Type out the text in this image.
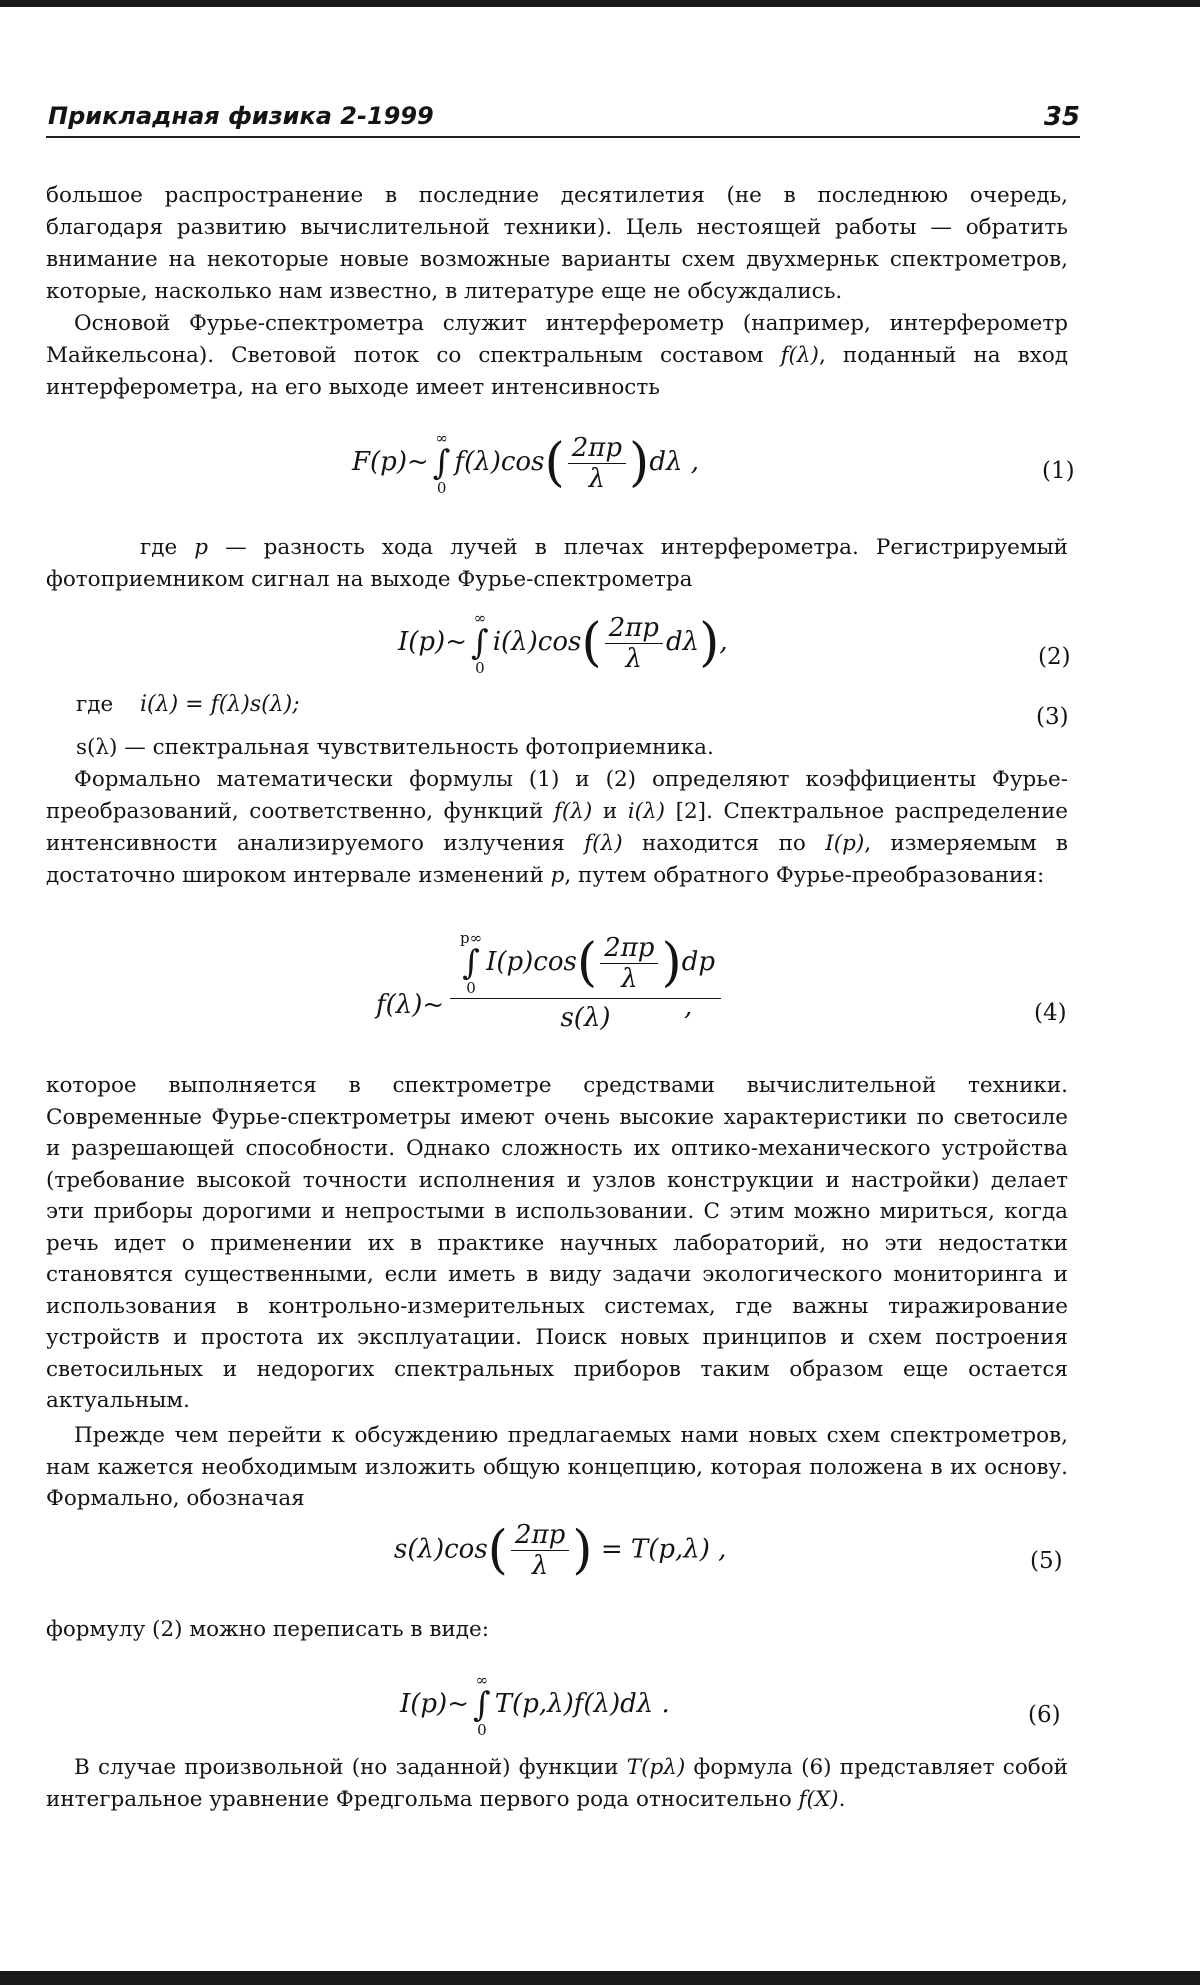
Прикладная физика 2-1999	35

большое распространение в последние десятилетия (не в последнюю очередь, благодаря развитию вычислительной техники). Цель нестоящей работы — обратить внимание на некоторые новые возможные варианты схем двухмерньк спектрометров, которые, насколько нам известно, в литературе еще не обсуждались.

Основой Фурье-спектрометра служит интерферометр (например, интерферометр Майкельсона). Световой поток со спектральным составом f(λ), поданный на вход интерферометра, на его выходе имеет интенсивность

F(p)~
∞
∫
0
$f(\lambda)\cos( \frac{2\pi p}{\lambda} )d\lambda$ ,	(1)

где p — разность хода лучей в плечах интерферометра. Регистрируемый фотоприемником сигнал на выходе Фурье-спектрометра

I(p)~
∞
∫
0
$i(\lambda)\cos( \frac{2\pi p}{\lambda} d\lambda)$,	(2)
где i(λ) = f(λ)s(λ);	(3)

s(λ) — спектральная чувствительность фотоприемника.

Формально математически формулы (1) и (2) определяют коэффициенты Фурье-преобразований, соответственно, функций f(λ) и i(λ) [2]. Спектральное распределение интенсивности анализируемого излучения f(λ) находится по I(p), измеряемым в достаточно широком интервале изменений p, путем обратного Фурье-преобразования:

f(λ)~
p∞
∫
0
$I(p)\cos( \frac{2\pi p}{\lambda} )dp$
s(λ)	,	(4)

которое выполняется в спектрометре средствами вычислительной техники. Современные Фурье-спектрометры имеют очень высокие характеристики по светосиле и разрешающей способности. Однако сложность их оптико-механического устройства (требование высокой точности исполнения и узлов конструкции и настройки) делает эти приборы дорогими и непростыми в использовании. С этим можно мириться, когда речь идет о применении их в практике научных лабораторий, но эти недостатки становятся существенными, если иметь в виду задачи экологического мониторинга и использования в контрольно-измерительных системах, где важны тиражирование устройств и простота их эксплуатации. Поиск новых принципов и схем построения светосильных и недорогих спектральных приборов таким образом еще остается актуальным.

Прежде чем перейти к обсуждению предлагаемых нами новых схем спектрометров, нам кажется необходимым изложить общую концепцию, которая положена в их основу. Формально, обозначая

$s(\lambda)\cos( \frac{2\pi p}{\lambda}$ ) = T(p,λ) ,	(5)

формулу (2) можно переписать в виде:

I(p)~
∞
∫
0
T(p,λ)f(λ)dλ .	(6)

В случае произвольной (но заданной) функции T(pλ) формула (6) представляет собой интегральное уравнение Фредгольма первого рода относительно f(X).
